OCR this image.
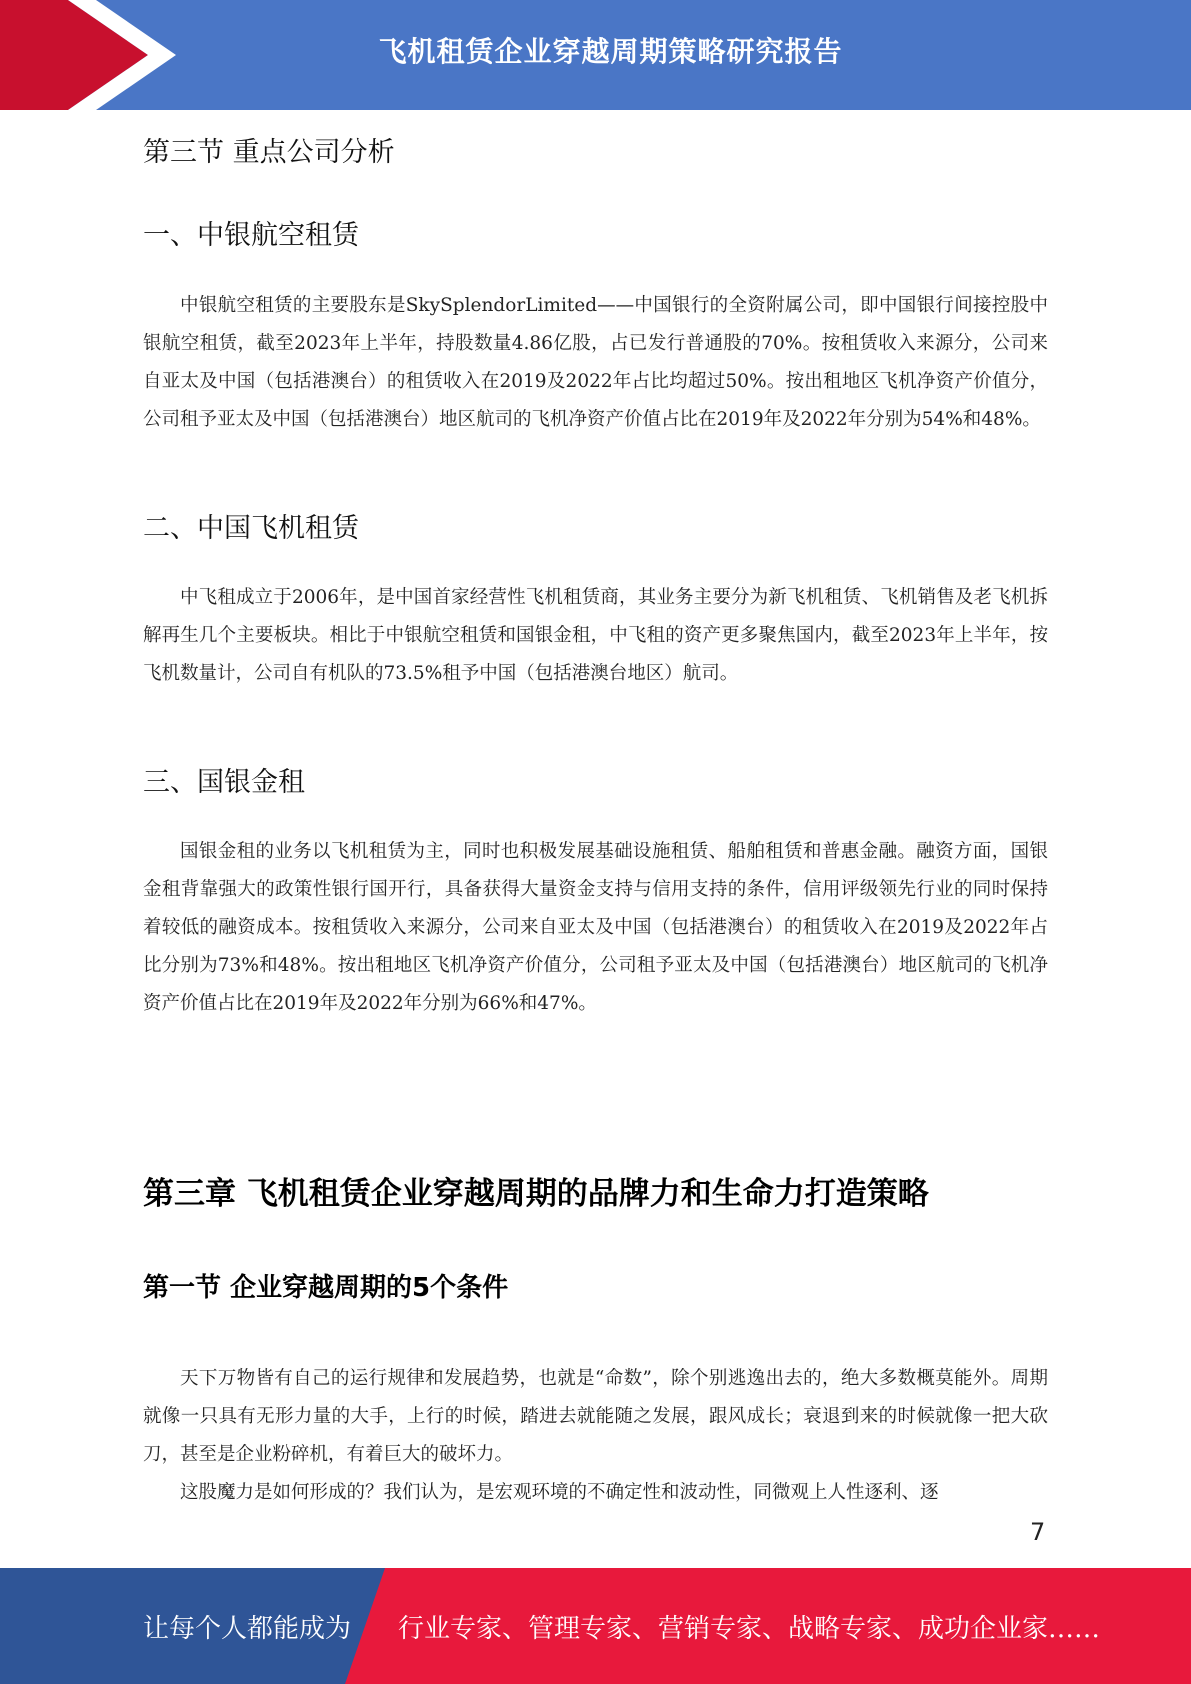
飞机租赁企业穿越周期策略研究报告
第三节 重点公司分析
一、中银航空租赁

中银航空租赁的主要股东是SkySplendorLimited——中国银行的全资附属公司，即中国银行间接控股中银航空租赁，截至2023年上半年，持股数量4.86亿股，占已发行普通股的70%。按租赁收入来源分，公司来自亚太及中国（包括港澳台）的租赁收入在2019及2022年占比均超过50%。按出租地区飞机净资产价值分，公司租予亚太及中国（包括港澳台）地区航司的飞机净资产价值占比在2019年及2022年分别为54%和48%。

二、中国飞机租赁

中飞租成立于2006年，是中国首家经营性飞机租赁商，其业务主要分为新飞机租赁、飞机销售及老飞机拆解再生几个主要板块。相比于中银航空租赁和国银金租，中飞租的资产更多聚焦国内，截至2023年上半年，按飞机数量计，公司自有机队的73.5%租予中国（包括港澳台地区）航司。

三、国银金租

国银金租的业务以飞机租赁为主，同时也积极发展基础设施租赁、船舶租赁和普惠金融。融资方面，国银金租背靠强大的政策性银行国开行，具备获得大量资金支持与信用支持的条件，信用评级领先行业的同时保持着较低的融资成本。按租赁收入来源分，公司来自亚太及中国（包括港澳台）的租赁收入在2019及2022年占比分别为73%和48%。按出租地区飞机净资产价值分，公司租予亚太及中国（包括港澳台）地区航司的飞机净资产价值占比在2019年及2022年分别为66%和47%。

第三章 飞机租赁企业穿越周期的品牌力和生命力打造策略
第一节 企业穿越周期的5个条件

天下万物皆有自己的运行规律和发展趋势，也就是“命数”，除个别逃逸出去的，绝大多数概莫能外。周期就像一只具有无形力量的大手，上行的时候，踏进去就能随之发展，跟风成长；衰退到来的时候就像一把大砍刀，甚至是企业粉碎机，有着巨大的破坏力。

这股魔力是如何形成的？我们认为，是宏观环境的不确定性和波动性，同微观上人性逐利、逐

7
让每个人都能成为 行业专家、管理专家、营销专家、战略专家、成功企业家……
